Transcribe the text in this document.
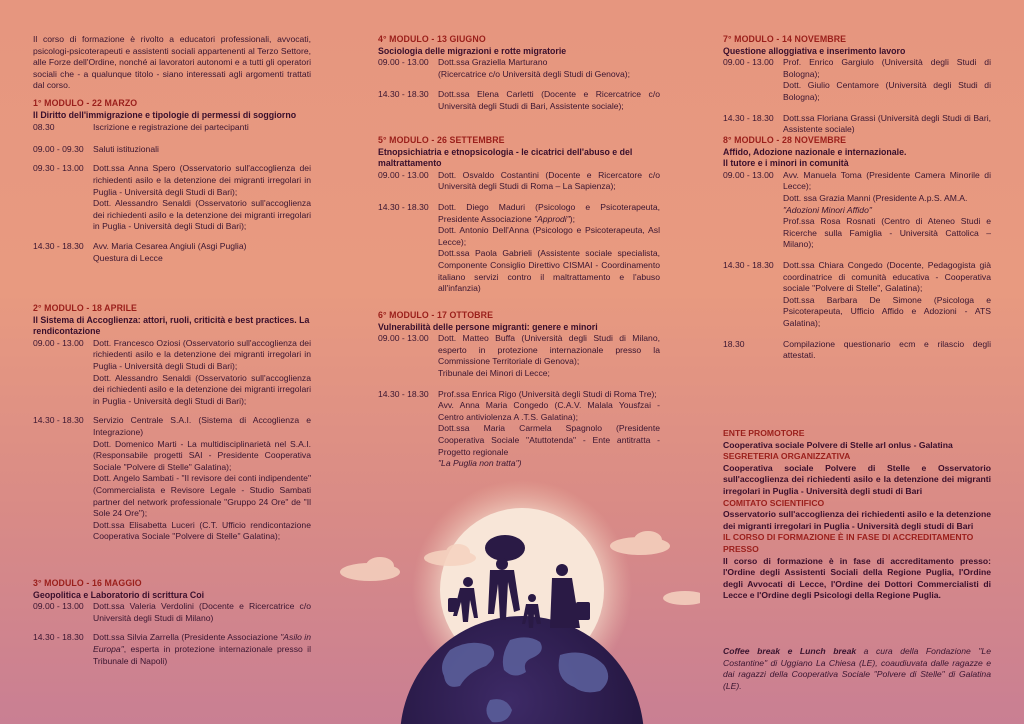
Il corso di formazione è rivolto a educatori professionali, avvocati, psicologi-psicoterapeuti e assistenti sociali appartenenti al Terzo Settore, alle Forze dell'Ordine, nonché ai lavoratori autonomi e a tutti gli operatori sociali che - a qualunque titolo - siano interessati agli argomenti trattati dal corso.

1° MODULO - 22 MARZO

Il Diritto dell'immigrazione e tipologie di permessi di soggiorno

08.30	Iscrizione e registrazione dei partecipanti
09.00 - 09.30	Saluti istituzionali
09.30 - 13.00	Dott.ssa Anna Spero (Osservatorio sull'accoglienza dei richiedenti asilo e la detenzione dei migranti irregolari in Puglia - Università degli Studi di Bari);
Dott. Alessandro Senaldi (Osservatorio sull'accoglienza dei richiedenti asilo e la detenzione dei migranti irregolari in Puglia - Università degli Studi di Bari);
14.30 - 18.30	Avv. Maria Cesarea Angiuli (Asgi Puglia)
Questura di Lecce

2° MODULO - 18 APRILE

Il Sistema di Accoglienza: attori, ruoli, criticità e best practices. La rendicontazione

09.00 - 13.00	Dott. Francesco Oziosi (Osservatorio sull'accoglienza dei richiedenti asilo e la detenzione dei migranti irregolari in Puglia - Università degli Studi di Bari);
Dott. Alessandro Senaldi (Osservatorio sull'accoglienza dei richiedenti asilo e la detenzione dei migranti irregolari in Puglia - Università degli Studi di Bari);
14.30 - 18.30	Servizio Centrale S.A.I. (Sistema di Accoglienza e Integrazione)
Dott. Domenico Marti - La multidisciplinarietà nel S.A.I. (Responsabile progetti SAI - Presidente Cooperativa Sociale "Polvere di Stelle" Galatina);
Dott. Angelo Sambati - "Il revisore dei conti indipendente" (Commercialista e Revisore Legale - Studio Sambati partner del network professionale "Gruppo 24 Ore" de "Il Sole 24 Ore");
Dott.ssa Elisabetta Luceri (C.T. Ufficio rendicontazione Cooperativa Sociale "Polvere di Stelle" Galatina);

3° MODULO - 16 MAGGIO

Geopolitica e Laboratorio di scrittura Coi

09.00 - 13.00	Dott.ssa Valeria Verdolini (Docente e Ricercatrice c/o Università degli Studi di Milano)
14.30 - 18.30	Dott.ssa Silvia Zarrella (Presidente Associazione "Asilo in Europa", esperta in protezione internazionale presso il Tribunale di Napoli)

4° MODULO - 13 GIUGNO

Sociologia delle migrazioni e rotte migratorie

09.00 - 13.00	Dott.ssa Graziella Marturano
(Ricercatrice c/o Università degli Studi di Genova);
14.30 - 18.30	Dott.ssa Elena Carletti (Docente e Ricercatrice c/o Università degli Studi di Bari, Assistente sociale);

5° MODULO - 26 SETTEMBRE

Etnopsichiatria e etnopsicologia - le cicatrici dell'abuso e del maltrattamento

09.00 - 13.00	Dott. Osvaldo Costantini (Docente e Ricercatore c/o Università degli Studi di Roma – La Sapienza);
14.30 - 18.30	Dott. Diego Maduri (Psicologo e Psicoterapeuta, Presidente Associazione "Approdi");
Dott. Antonio Dell'Anna (Psicologo e Psicoterapeuta, Asl Lecce);
Dott.ssa Paola Gabrieli (Assistente sociale specialista, Componente Consiglio Direttivo CISMAI - Coordinamento italiano servizi contro il maltrattamento e l'abuso all'infanzia)

6° MODULO - 17 OTTOBRE

Vulnerabilità delle persone migranti: genere e minori

09.00 - 13.00	Dott. Matteo Buffa (Università degli Studi di Milano, esperto in protezione internazionale presso la Commissione Territoriale di Genova);
Tribunale dei Minori di Lecce;
14.30 - 18.30	Prof.ssa Enrica Rigo (Università degli Studi di Roma Tre);
Avv. Anna Maria Congedo (C.A.V. Malala Yousfzai - Centro antiviolenza A .T.S. Galatina);
Dott.ssa Maria Carmela Spagnolo (Presidente Cooperativa Sociale "Atuttotenda" - Ente antitratta - Progetto regionale
"La Puglia non tratta")

7° MODULO - 14 NOVEMBRE

Questione alloggiativa e inserimento lavoro

09.00 - 13.00	Prof. Enrico Gargiulo (Università degli Studi di Bologna);
Dott. Giulio Centamore (Università degli Studi di Bologna);
14.30 - 18.30	Dott.ssa Floriana Grassi (Università degli Studi di Bari, Assistente sociale)

8° MODULO - 28 NOVEMBRE

Affido, Adozione nazionale e internazionale.

Il tutore e i minori in comunità

09.00 - 13.00	Avv. Manuela Toma (Presidente Camera Minorile di Lecce);
Dott. ssa Grazia Manni (Presidente A.p.S. AM.A.
"Adozioni Minori Affido"
Prof.ssa Rosa Rosnati (Centro di Ateneo Studi e Ricerche sulla Famiglia - Università Cattolica – Milano);
14.30 - 18.30	Dott.ssa Chiara Congedo (Docente, Pedagogista già coordinatrice di comunità educativa - Cooperativa sociale "Polvere di Stelle", Galatina);
Dott.ssa Barbara De Simone (Psicologa e Psicoterapeuta, Ufficio Affido e Adozioni - ATS Galatina);
18.30	Compilazione questionario ecm e rilascio degli attestati.

ENTE PROMOTORE

Cooperativa sociale Polvere di Stelle arl onlus - Galatina

SEGRETERIA ORGANIZZATIVA

Cooperativa sociale Polvere di Stelle e Osservatorio sull'accoglienza dei richiedenti asilo e la detenzione dei migranti irregolari in Puglia - Università degli studi di Bari

COMITATO SCIENTIFICO

Osservatorio sull'accoglienza dei richiedenti asilo e la detenzione dei migranti irregolari in Puglia - Università degli studi di Bari

IL CORSO DI FORMAZIONE È IN FASE DI ACCREDITAMENTO PRESSO

Il corso di formazione è in fase di accreditamento presso: l'Ordine degli Assistenti Sociali della Regione Puglia, l'Ordine degli Avvocati di Lecce, l'Ordine dei Dottori Commercialisti di Lecce e l'Ordine degli Psicologi della Regione Puglia.

Coffee break e Lunch break a cura della Fondazione "Le Costantine" di Uggiano La Chiesa (LE), coaudiuvata dalle ragazze e dai ragazzi della Cooperativa Sociale "Polvere di Stelle" di Galatina (LE).
